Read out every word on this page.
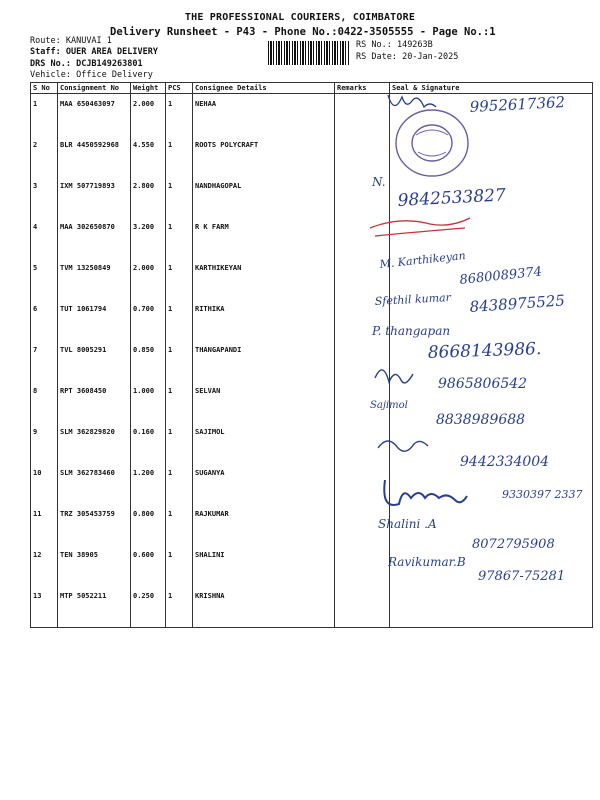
THE PROFESSIONAL COURIERS, COIMBATORE
Delivery Runsheet - P43 - Phone No.:0422-3505555 - Page No.:1
Route: KANUVAI 1
Staff: OUER AREA DELIVERY
DRS No.: DCJB149263801
Vehicle: Office Delivery
RS No.: 149263B
RS Date: 20-Jan-2025
S No	Consignment No	Weight	PCS	Consignee Details	Remarks	Seal & Signature
1	MAA 650463097	2.000	1	NEHAA		
2	BLR 4450592968	4.550	1	ROOTS POLYCRAFT		
3	IXM 507719893	2.800	1	NANDHAGOPAL		
4	MAA 302650870	3.200	1	R K FARM		
5	TVM 13250849	2.000	1	KARTHIKEYAN		
6	TUT 1061794	0.700	1	RITHIKA		
7	TVL 8005291	0.850	1	THANGAPANDI		
8	RPT 3608450	1.000	1	SELVAN		
9	SLM 362829820	0.160	1	SAJIMOL		
10	SLM 362783460	1.200	1	SUGANYA		
11	TRZ 305453759	0.800	1	RAJKUMAR		
12	TEN 38905	0.600	1	SHALINI		
13	MTP 5052211	0.250	1	KRISHNA		
9952617362
N.
9842533827
M. Karthikeyan
8680089374
Sfethil kumar 8438975525
P. thangapan
8668143986.
9865806542
Sajimol
8838989688
9442334004
9330397 2337
Shalini .A
8072795908
Ravikumar.B
97867-75281
